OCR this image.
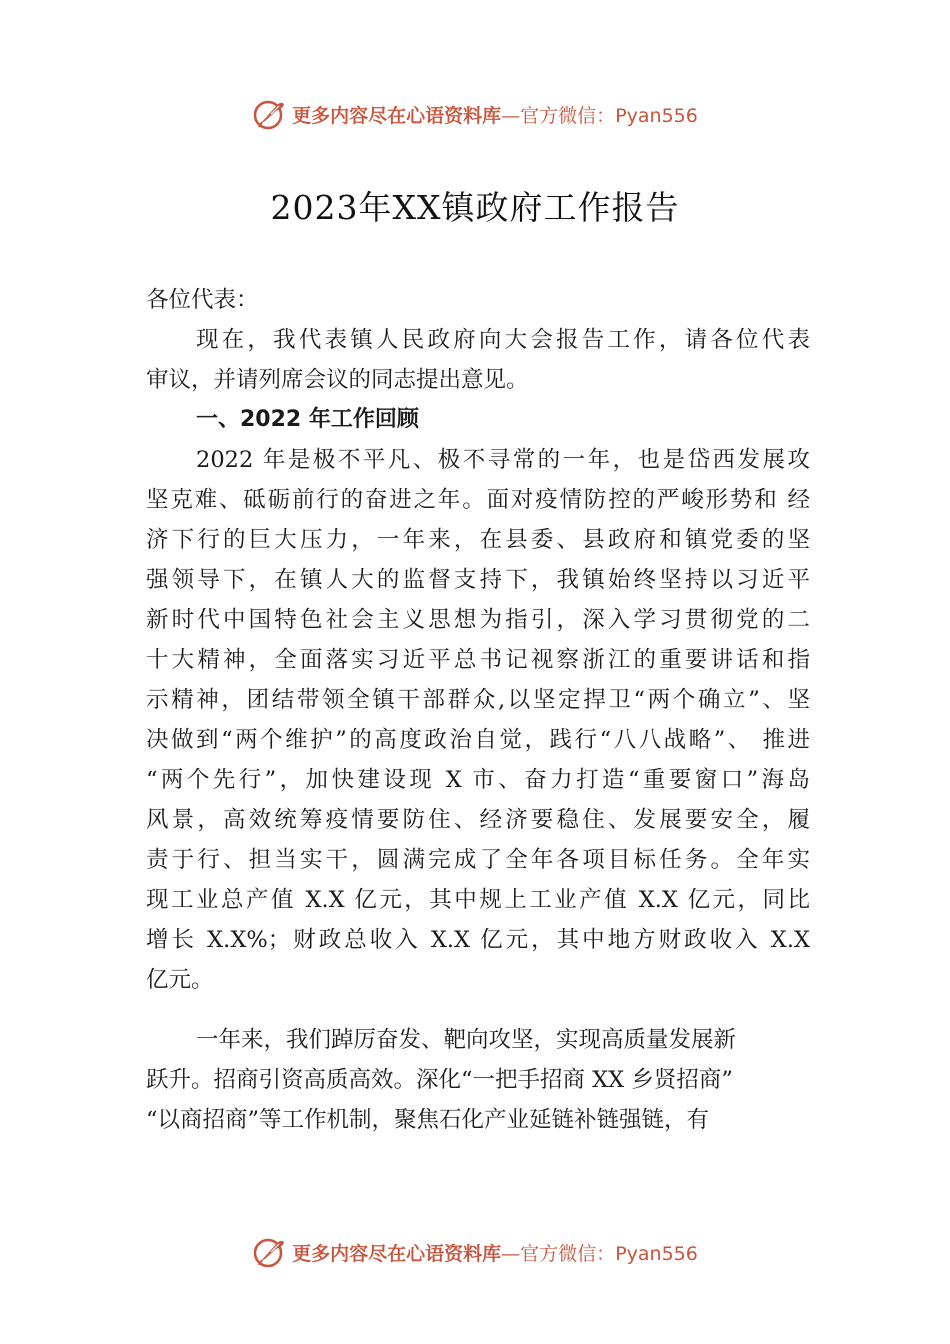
更多内容尽在心语资料库—官方微信：Pyan556
2023年XX镇政府工作报告
各位代表：
现在，我代表镇人民政府向大会报告工作，请各位代表
审议，并请列席会议的同志提出意见。
一、2022 年工作回顾
2022 年是极不平凡、极不寻常的一年，也是岱西发展攻
坚克难、砥砺前行的奋进之年。面对疫情防控的严峻形势和 经
济下行的巨大压力，一年来，在县委、县政府和镇党委的坚
强领导下，在镇人大的监督支持下，我镇始终坚持以习近平
新时代中国特色社会主义思想为指引，深入学习贯彻党的二
十大精神，全面落实习近平总书记视察浙江的重要讲话和指
示精神，团结带领全镇干部群众,以坚定捍卫“两个确立”、坚
决做到“两个维护”的高度政治自觉，践行“八八战略”、 推进
“两个先行”，加快建设现 X 市、奋力打造“重要窗口”海岛
风景，高效统筹疫情要防住、经济要稳住、发展要安全，履
责于行、担当实干，圆满完成了全年各项目标任务。全年实
现工业总产值 X.X 亿元，其中规上工业产值 X.X 亿元，同比
增长 X.X%；财政总收入 X.X 亿元，其中地方财政收入 X.X
亿元。
一年来，我们踔厉奋发、靶向攻坚，实现高质量发展新
跃升。招商引资高质高效。深化“一把手招商 XX 乡贤招商”
“以商招商”等工作机制，聚焦石化产业延链补链强链，有
更多内容尽在心语资料库—官方微信：Pyan556
